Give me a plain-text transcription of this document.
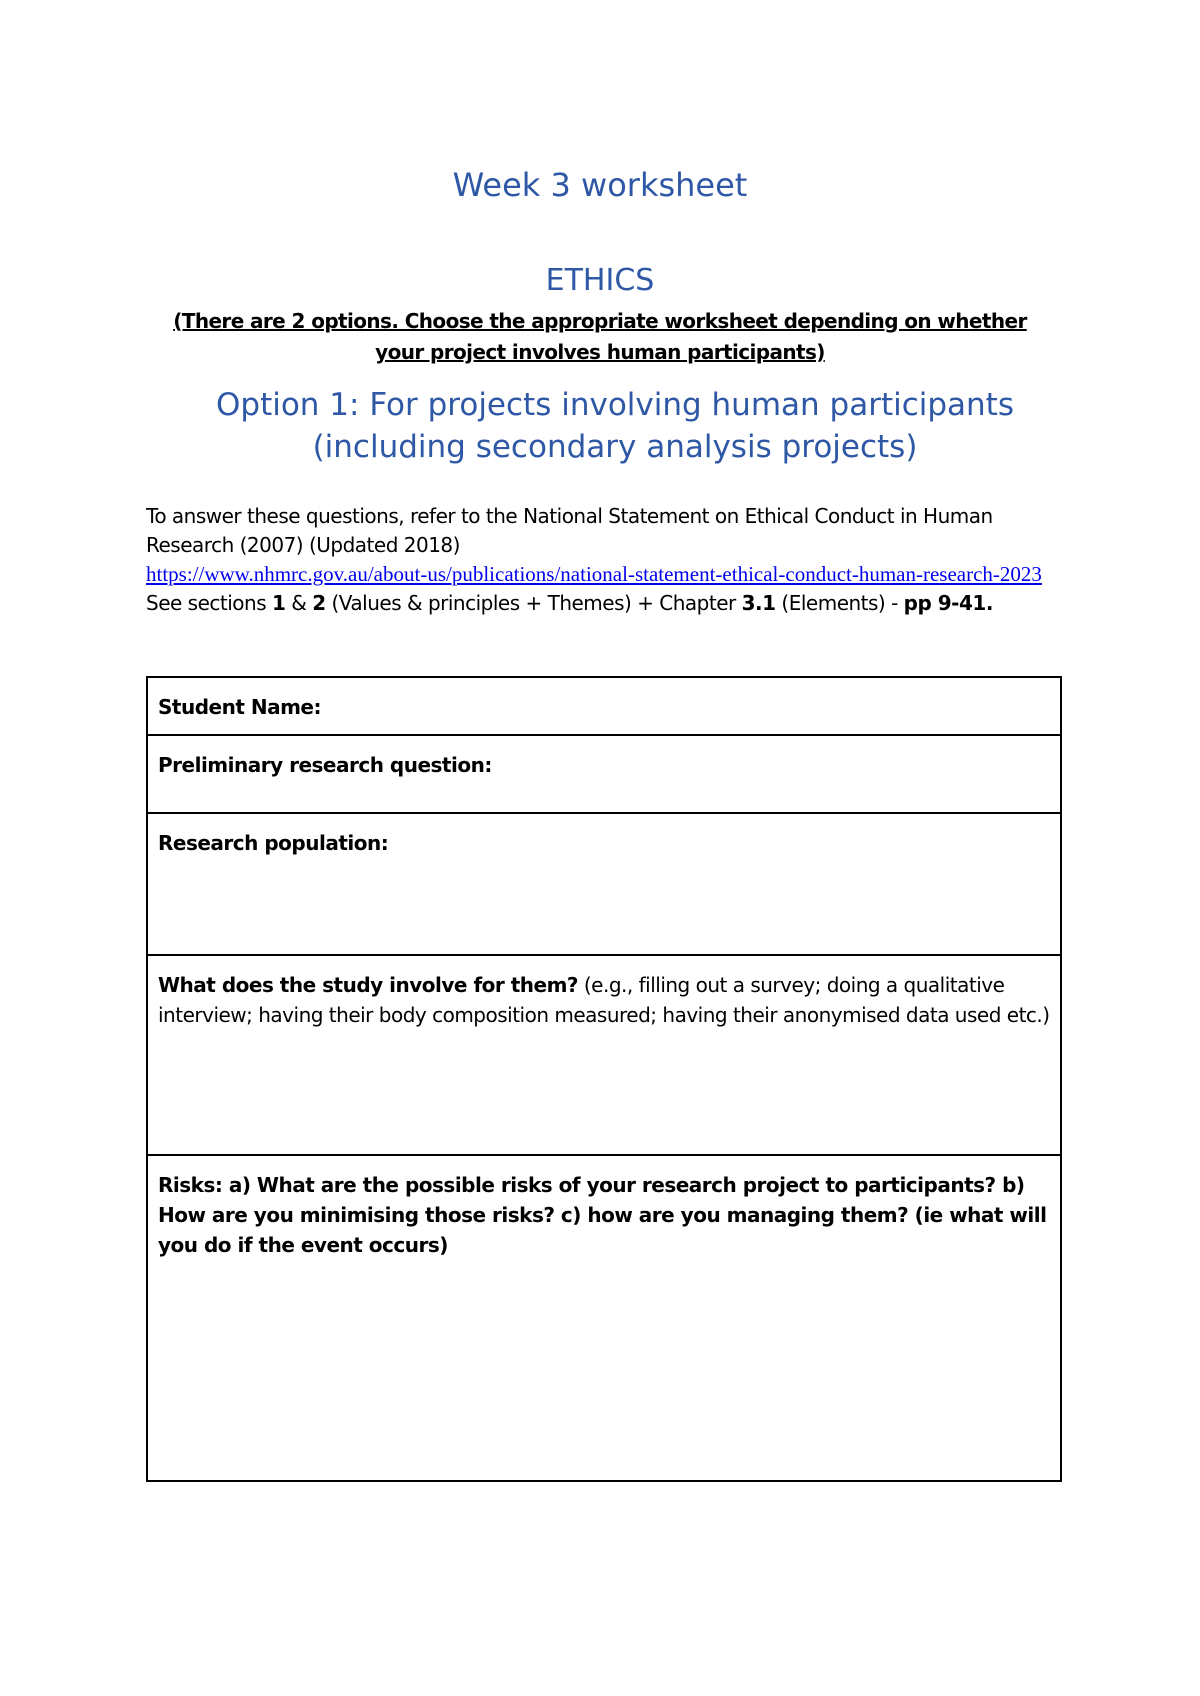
Week 3 worksheet
ETHICS

(There are 2 options. Choose the appropriate worksheet depending on whether your project involves human participants)

Option 1: For projects involving human participants
(including secondary analysis projects)
To answer these questions, refer to the National Statement on Ethical Conduct in Human Research (2007) (Updated 2018)
https://www.nhmrc.gov.au/about-us/publications/national-statement-ethical-conduct-human-research-2023
See sections 1 & 2 (Values & principles + Themes) + Chapter 3.1 (Elements) - pp 9-41.
Student Name:
Preliminary research question:
Research population:
What does the study involve for them? (e.g., filling out a survey; doing a qualitative interview; having their body composition measured; having their anonymised data used etc.)
Risks: a) What are the possible risks of your research project to participants? b) How are you minimising those risks? c) how are you managing them? (ie what will you do if the event occurs)
